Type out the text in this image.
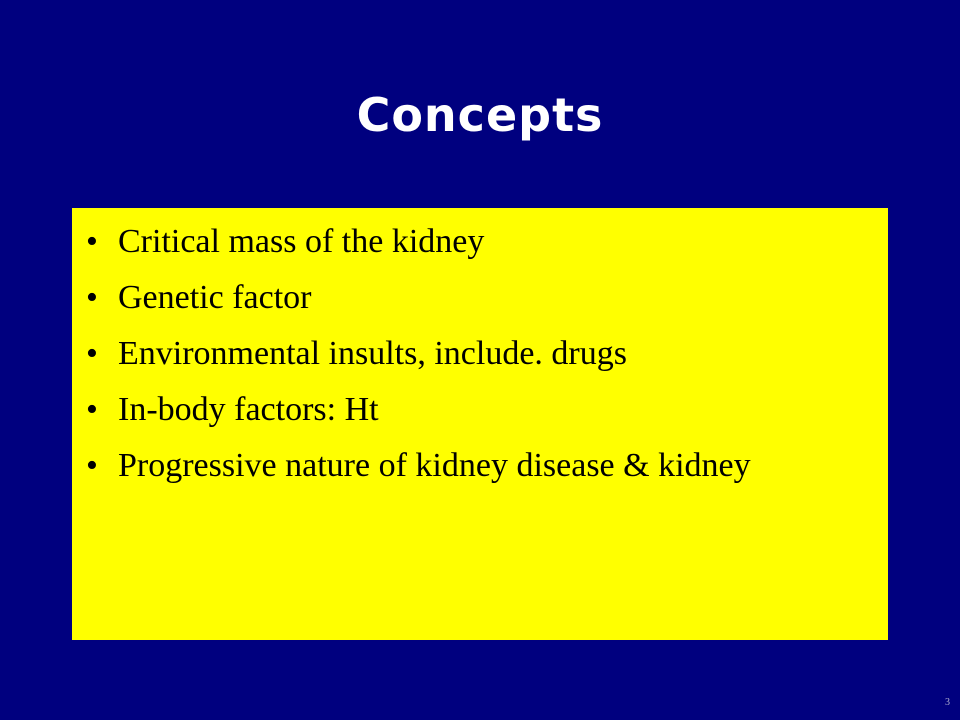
Concepts
• Critical mass of the kidney
• Genetic factor
• Environmental insults, include. drugs
• In-body factors: Ht
• Progressive nature of kidney disease & kidney
3
